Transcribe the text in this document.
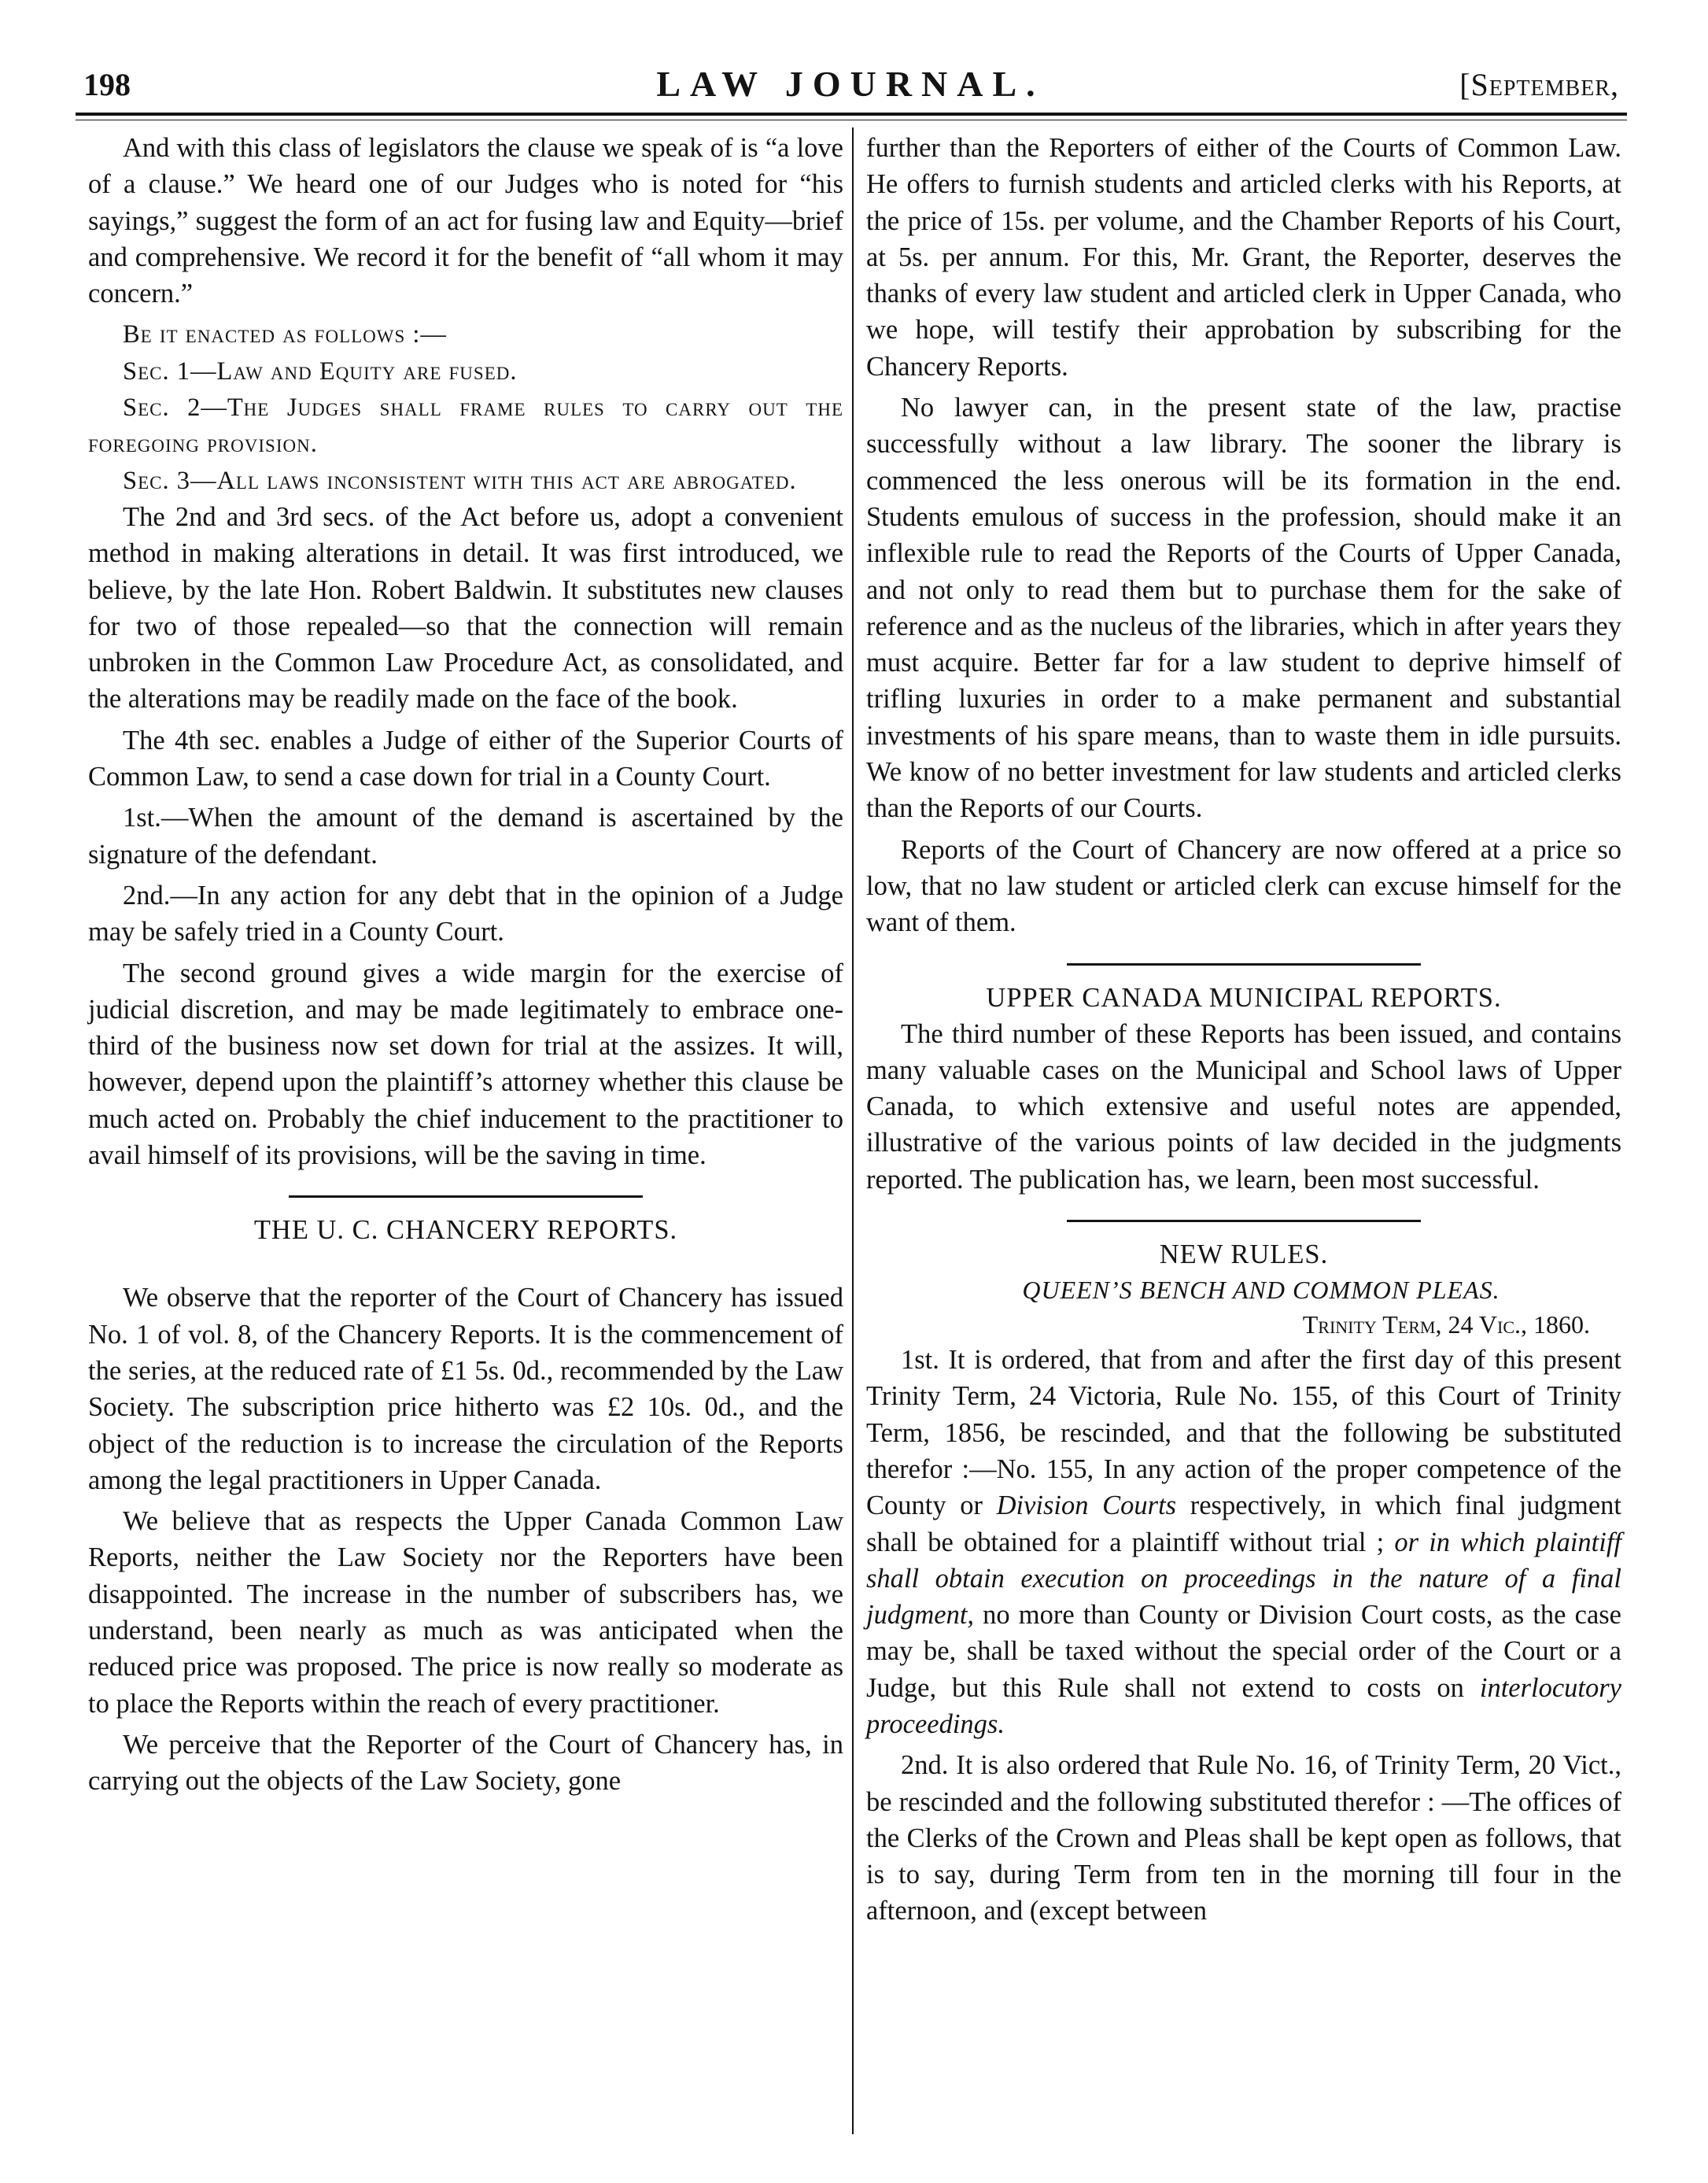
198	LAW JOURNAL.	[September,

And with this class of legislators the clause we speak of is “a love of a clause.” We heard one of our Judges who is noted for “his sayings,” suggest the form of an act for fusing law and Equity—brief and comprehensive. We record it for the benefit of “all whom it may concern.”

Be it enacted as follows :—

Sec. 1—Law and Equity are fused.

Sec. 2—The Judges shall frame rules to carry out the foregoing provision.

Sec. 3—All laws inconsistent with this act are abrogated.

The 2nd and 3rd secs. of the Act before us, adopt a convenient method in making alterations in detail. It was first introduced, we believe, by the late Hon. Robert Baldwin. It substitutes new clauses for two of those repealed—so that the connection will remain unbroken in the Common Law Procedure Act, as consolidated, and the alterations may be readily made on the face of the book.

The 4th sec. enables a Judge of either of the Superior Courts of Common Law, to send a case down for trial in a County Court.

1st.—When the amount of the demand is ascertained by the signature of the defendant.

2nd.—In any action for any debt that in the opinion of a Judge may be safely tried in a County Court.

The second ground gives a wide margin for the exercise of judicial discretion, and may be made legitimately to embrace one-third of the business now set down for trial at the assizes. It will, however, depend upon the plaintiff’s attorney whether this clause be much acted on. Probably the chief inducement to the practitioner to avail himself of its provisions, will be the saving in time.

THE U. C. CHANCERY REPORTS.

We observe that the reporter of the Court of Chancery has issued No. 1 of vol. 8, of the Chancery Reports. It is the commencement of the series, at the reduced rate of £1 5s. 0d., recommended by the Law Society. The subscription price hitherto was £2 10s. 0d., and the object of the reduction is to increase the circulation of the Reports among the legal practitioners in Upper Canada.

We believe that as respects the Upper Canada Common Law Reports, neither the Law Society nor the Reporters have been disappointed. The increase in the number of subscribers has, we understand, been nearly as much as was anticipated when the reduced price was proposed. The price is now really so moderate as to place the Reports within the reach of every practitioner.

We perceive that the Reporter of the Court of Chancery has, in carrying out the objects of the Law Society, gone

further than the Reporters of either of the Courts of Common Law. He offers to furnish students and articled clerks with his Reports, at the price of 15s. per volume, and the Chamber Reports of his Court, at 5s. per annum. For this, Mr. Grant, the Reporter, deserves the thanks of every law student and articled clerk in Upper Canada, who we hope, will testify their approbation by subscribing for the Chancery Reports.

No lawyer can, in the present state of the law, practise successfully without a law library. The sooner the library is commenced the less onerous will be its formation in the end. Students emulous of success in the profession, should make it an inflexible rule to read the Reports of the Courts of Upper Canada, and not only to read them but to purchase them for the sake of reference and as the nucleus of the libraries, which in after years they must acquire. Better far for a law student to deprive himself of trifling luxuries in order to a make permanent and substantial investments of his spare means, than to waste them in idle pursuits. We know of no better investment for law students and articled clerks than the Reports of our Courts.

Reports of the Court of Chancery are now offered at a price so low, that no law student or articled clerk can excuse himself for the want of them.

UPPER CANADA MUNICIPAL REPORTS.

The third number of these Reports has been issued, and contains many valuable cases on the Municipal and School laws of Upper Canada, to which extensive and useful notes are appended, illustrative of the various points of law decided in the judgments reported. The publication has, we learn, been most successful.

NEW RULES.

QUEEN’S BENCH AND COMMON PLEAS.

Trinity Term, 24 Vic., 1860.

1st. It is ordered, that from and after the first day of this present Trinity Term, 24 Victoria, Rule No. 155, of this Court of Trinity Term, 1856, be rescinded, and that the following be substituted therefor :—No. 155, In any action of the proper competence of the County or Division Courts respectively, in which final judgment shall be obtained for a plaintiff without trial ; or in which plaintiff shall obtain execution on proceedings in the nature of a final judgment, no more than County or Division Court costs, as the case may be, shall be taxed without the special order of the Court or a Judge, but this Rule shall not extend to costs on interlocutory proceedings.

2nd. It is also ordered that Rule No. 16, of Trinity Term, 20 Vict., be rescinded and the following substituted therefor : —The offices of the Clerks of the Crown and Pleas shall be kept open as follows, that is to say, during Term from ten in the morning till four in the afternoon, and (except between
